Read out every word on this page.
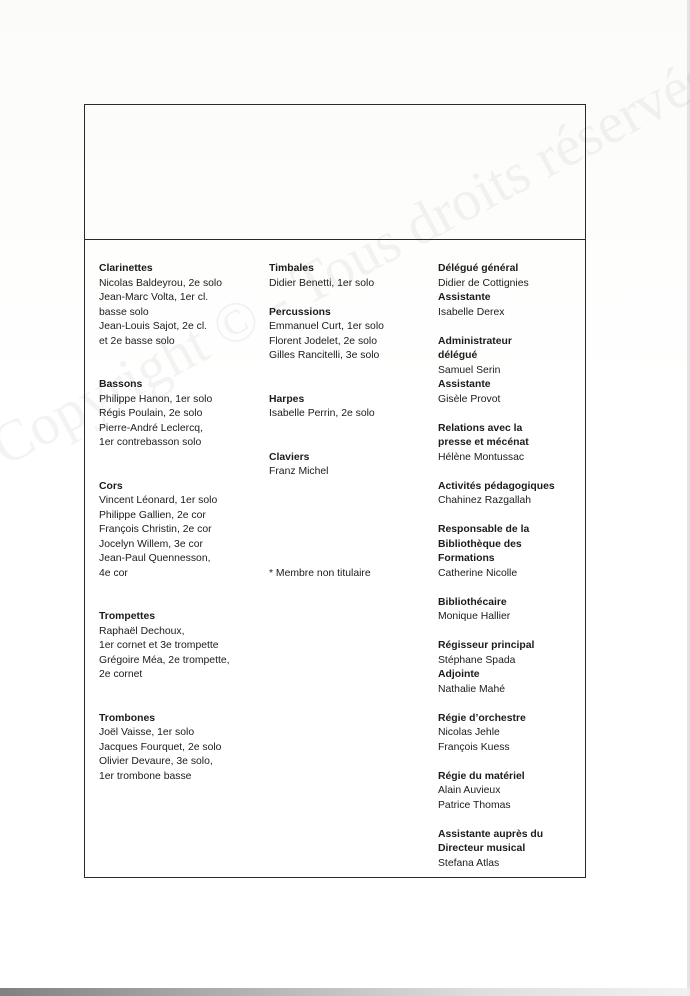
Clarinettes
Nicolas Baldeyrou, 2e solo
Jean-Marc Volta, 1er cl.
basse solo
Jean-Louis Sajot, 2e cl.
et 2e basse solo
Bassons
Philippe Hanon, 1er solo
Régis Poulain, 2e solo
Pierre-André Leclercq,
1er contrebasson solo
Cors
Vincent Léonard, 1er solo
Philippe Gallien, 2e cor
François Christin, 2e cor
Jocelyn Willem, 3e cor
Jean-Paul Quennesson,
4e cor
Trompettes
Raphaël Dechoux,
1er cornet et 3e trompette
Grégoire Méa, 2e trompette,
2e cornet
Trombones
Joël Vaisse, 1er solo
Jacques Fourquet, 2e solo
Olivier Devaure, 3e solo,
1er trombone basse
Timbales
Didier Benetti, 1er solo
Percussions
Emmanuel Curt, 1er solo
Florent Jodelet, 2e solo
Gilles Rancitelli, 3e solo
Harpes
Isabelle Perrin, 2e solo
Claviers
Franz Michel
* Membre non titulaire
Délégué général
Didier de Cottignies
Assistante
Isabelle Derex
Administrateur
délégué
Samuel Serin
Assistante
Gisèle Provot
Relations avec la
presse et mécénat
Hélène Montussac
Activités pédagogiques
Chahinez Razgallah
Responsable de la
Bibliothèque des
Formations
Catherine Nicolle
Bibliothécaire
Monique Hallier
Régisseur principal
Stéphane Spada
Adjointe
Nathalie Mahé
Régie d’orchestre
Nicolas Jehle
François Kuess
Régie du matériel
Alain Auvieux
Patrice Thomas
Assistante auprès du
Directeur musical
Stefana Atlas
